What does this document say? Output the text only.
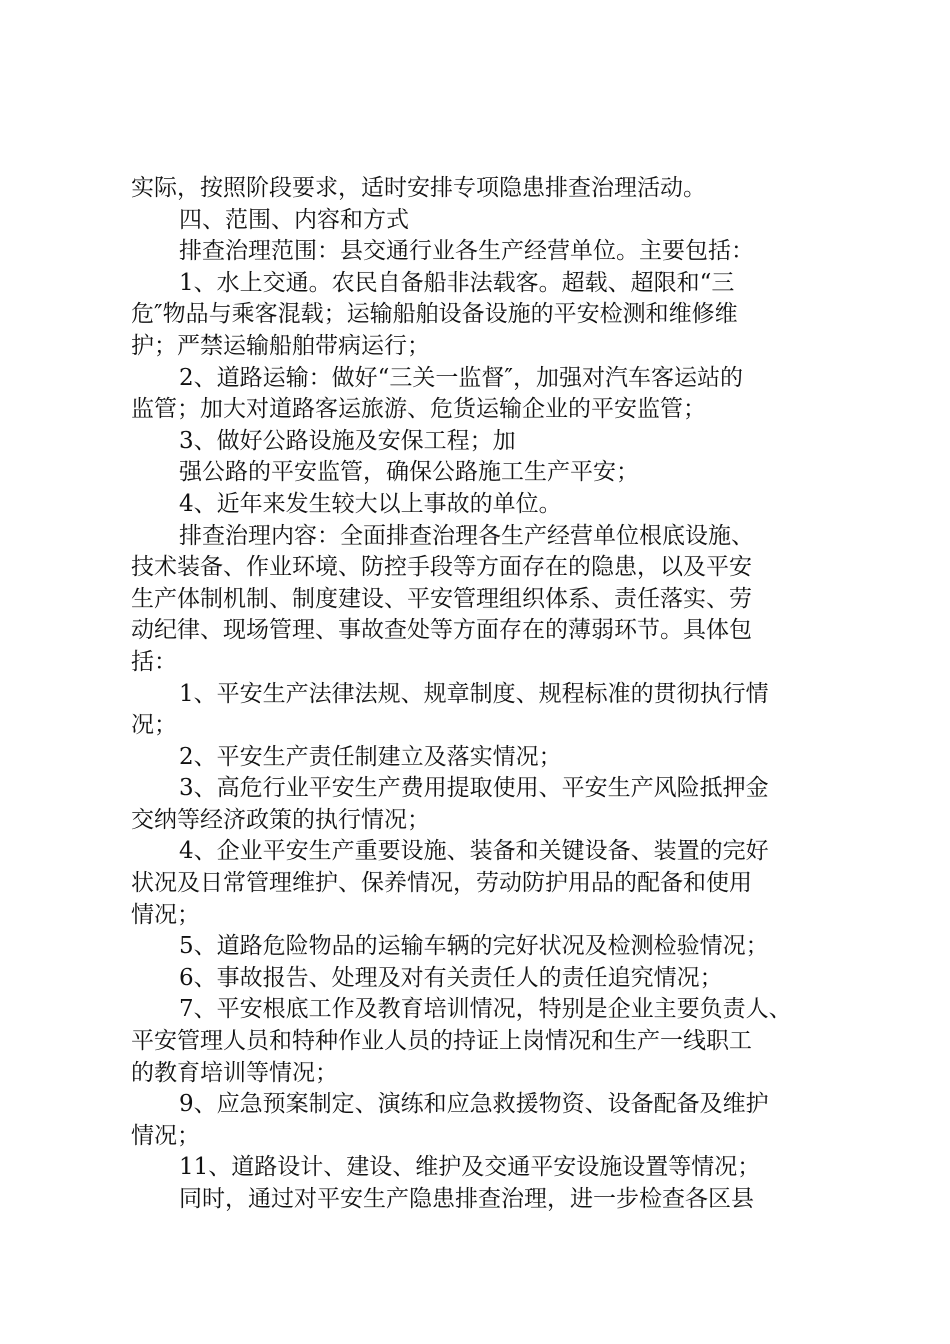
实际，按照阶段要求，适时安排专项隐患排查治理活动。

四、范围、内容和方式

排查治理范围：县交通行业各生产经营单位。主要包括：

1、水上交通。农民自备船非法载客。超载、超限和“三

危″物品与乘客混载；运输船舶设备设施的平安检测和维修维

护；严禁运输船舶带病运行；

2、道路运输：做好“三关一监督″，加强对汽车客运站的

监管；加大对道路客运旅游、危货运输企业的平安监管；

3、做好公路设施及安保工程；加

强公路的平安监管，确保公路施工生产平安；

4、近年来发生较大以上事故的单位。

排查治理内容：全面排查治理各生产经营单位根底设施、

技术装备、作业环境、防控手段等方面存在的隐患，以及平安

生产体制机制、制度建设、平安管理组织体系、责任落实、劳

动纪律、现场管理、事故查处等方面存在的薄弱环节。具体包

括：

1、平安生产法律法规、规章制度、规程标准的贯彻执行情

况；

2、平安生产责任制建立及落实情况；

3、高危行业平安生产费用提取使用、平安生产风险抵押金

交纳等经济政策的执行情况；

4、企业平安生产重要设施、装备和关键设备、装置的完好

状况及日常管理维护、保养情况，劳动防护用品的配备和使用

情况；

5、道路危险物品的运输车辆的完好状况及检测检验情况；

6、事故报告、处理及对有关责任人的责任追究情况；

7、平安根底工作及教育培训情况，特别是企业主要负责人、

平安管理人员和特种作业人员的持证上岗情况和生产一线职工

的教育培训等情况；

9、应急预案制定、演练和应急救援物资、设备配备及维护

情况；

11、道路设计、建设、维护及交通平安设施设置等情况；

同时，通过对平安生产隐患排查治理，进一步检查各区县
